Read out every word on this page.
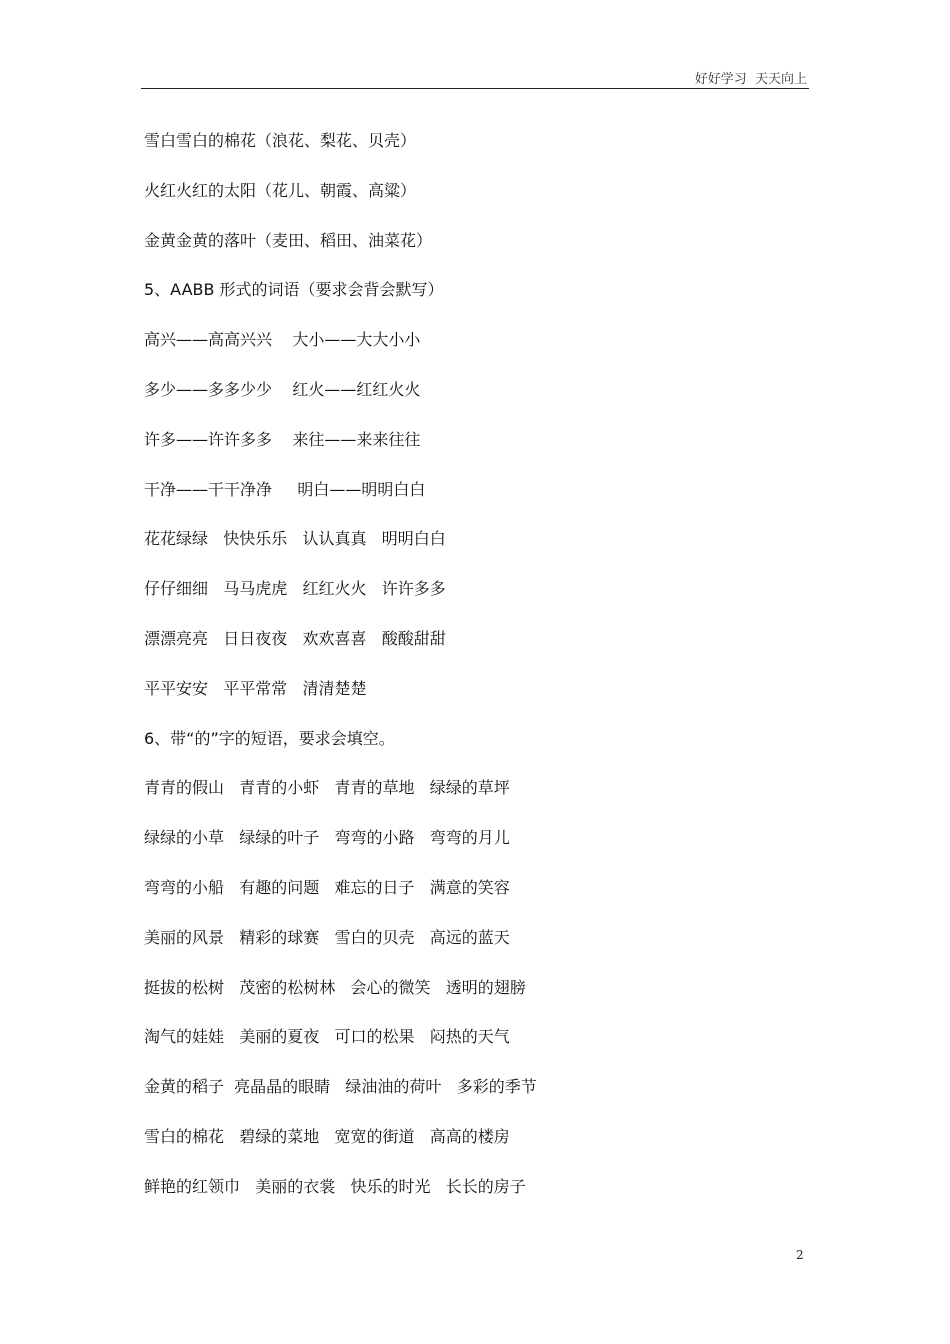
好好学习  天天向上
雪白雪白的棉花（浪花、梨花、贝壳）
火红火红的太阳（花儿、朝霞、高粱）
金黄金黄的落叶（麦田、稻田、油菜花）
5、AABB 形式的词语（要求会背会默写）
高兴——高高兴兴    大小——大大小小
多少——多多少少    红火——红红火火
许多——许许多多    来往——来来往往
干净——干干净净     明白——明明白白
花花绿绿   快快乐乐   认认真真   明明白白
仔仔细细   马马虎虎   红红火火   许许多多
漂漂亮亮   日日夜夜   欢欢喜喜   酸酸甜甜
平平安安   平平常常   清清楚楚
6、带“的”字的短语，要求会填空。
青青的假山   青青的小虾   青青的草地   绿绿的草坪
绿绿的小草   绿绿的叶子   弯弯的小路   弯弯的月儿
弯弯的小船   有趣的问题   难忘的日子   满意的笑容
美丽的风景   精彩的球赛   雪白的贝壳   高远的蓝天
挺拔的松树   茂密的松树林   会心的微笑   透明的翅膀
淘气的娃娃   美丽的夏夜   可口的松果   闷热的天气
金黄的稻子  亮晶晶的眼睛   绿油油的荷叶   多彩的季节
雪白的棉花   碧绿的菜地   宽宽的街道   高高的楼房
鲜艳的红领巾   美丽的衣裳   快乐的时光   长长的房子
2
